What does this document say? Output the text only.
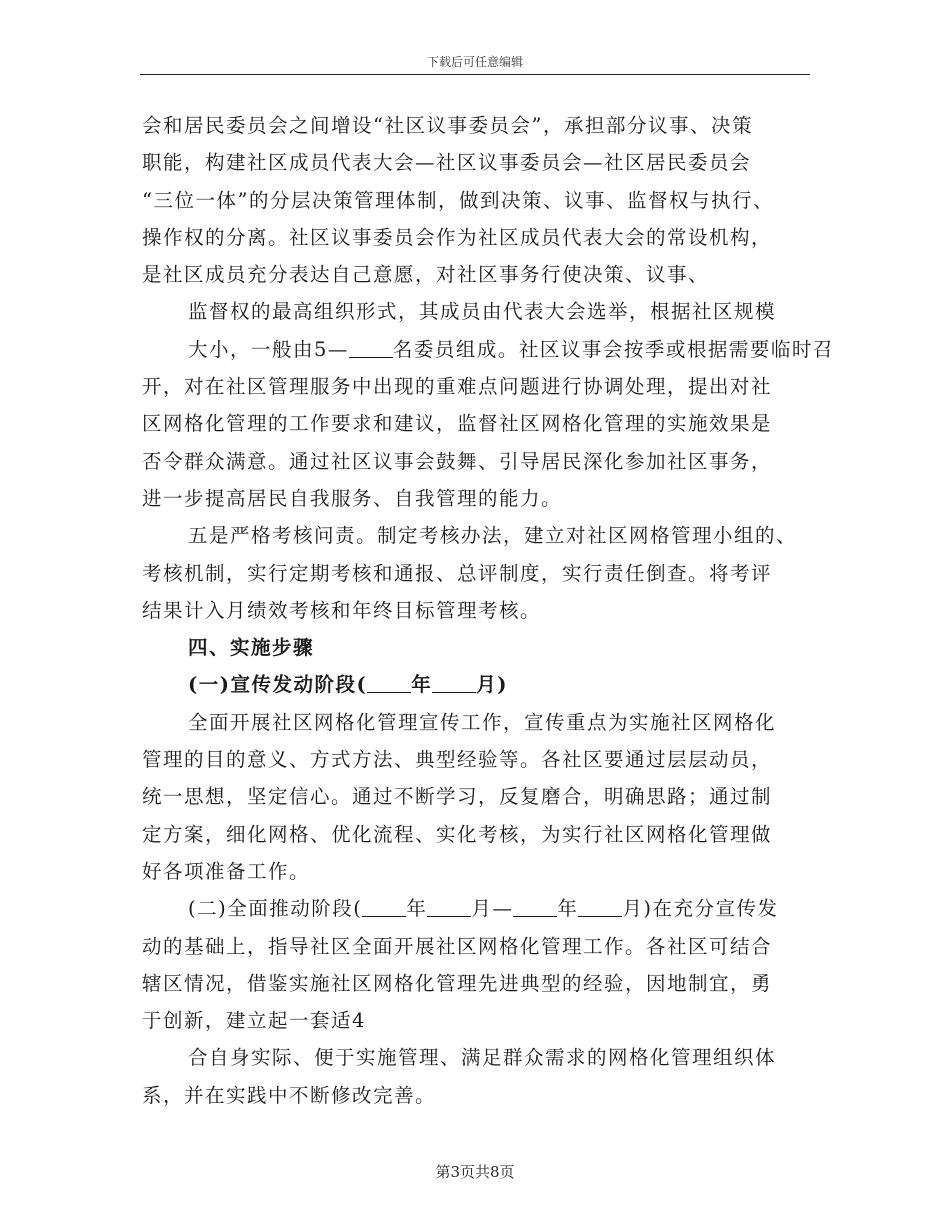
下载后可任意编辑
会和居民委员会之间增设“社区议事委员会”，承担部分议事、决策
职能，构建社区成员代表大会—社区议事委员会—社区居民委员会
“三位一体”的分层决策管理体制，做到决策、议事、监督权与执行、
操作权的分离。社区议事委员会作为社区成员代表大会的常设机构，
是社区成员充分表达自己意愿，对社区事务行使决策、议事、
监督权的最高组织形式，其成员由代表大会选举，根据社区规模
大小，一般由5— 名委员组成。社区议事会按季或根据需要临时召
开，对在社区管理服务中出现的重难点问题进行协调处理，提出对社
区网格化管理的工作要求和建议，监督社区网格化管理的实施效果是
否令群众满意。通过社区议事会鼓舞、引导居民深化参加社区事务，
进一步提高居民自我服务、自我管理的能力。
五是严格考核问责。制定考核办法，建立对社区网格管理小组的、
考核机制，实行定期考核和通报、总评制度，实行责任倒查。将考评
结果计入月绩效考核和年终目标管理考核。
四、实施步骤
(一)宣传发动阶段( 年 月)
全面开展社区网格化管理宣传工作，宣传重点为实施社区网格化
管理的目的意义、方式方法、典型经验等。各社区要通过层层动员，
统一思想，坚定信心。通过不断学习，反复磨合，明确思路；通过制
定方案，细化网格、优化流程、实化考核，为实行社区网格化管理做
好各项准备工作。
(二)全面推动阶段( 年 月— 年 月)在充分宣传发
动的基础上，指导社区全面开展社区网格化管理工作。各社区可结合
辖区情况，借鉴实施社区网格化管理先进典型的经验，因地制宜，勇
于创新，建立起一套适4
合自身实际、便于实施管理、满足群众需求的网格化管理组织体
系，并在实践中不断修改完善。
第3页共8页
